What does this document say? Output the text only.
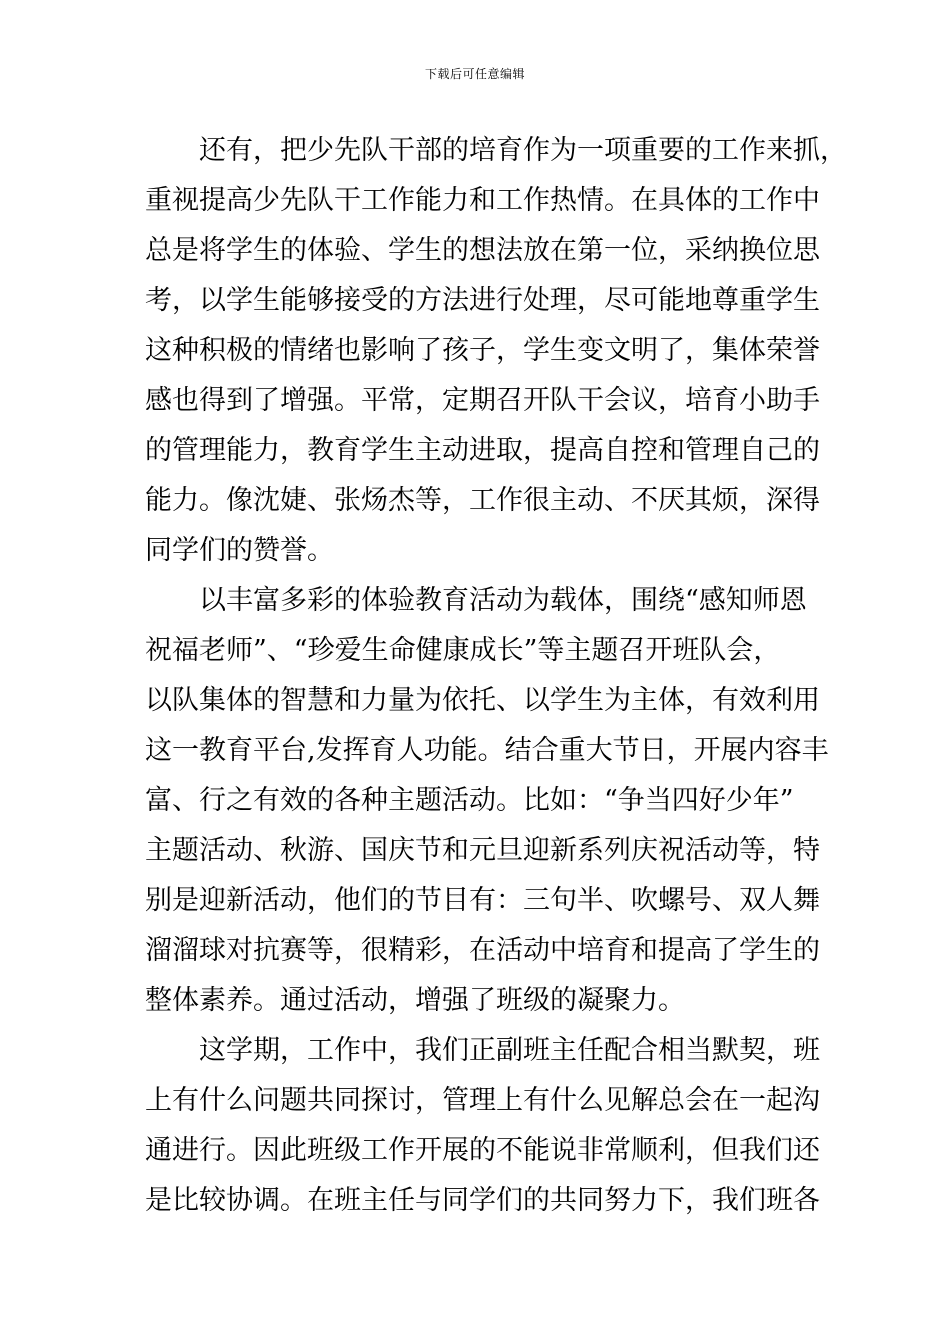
下载后可任意编辑
还有，把少先队干部的培育作为一项重要的工作来抓，
重视提高少先队干工作能力和工作热情。在具体的工作中
总是将学生的体验、学生的想法放在第一位，采纳换位思
考，以学生能够接受的方法进行处理，尽可能地尊重学生
这种积极的情绪也影响了孩子，学生变文明了，集体荣誉
感也得到了增强。平常，定期召开队干会议，培育小助手
的管理能力，教育学生主动进取，提高自控和管理自己的
能力。像沈婕、张炀杰等，工作很主动、不厌其烦，深得
同学们的赞誉。
以丰富多彩的体验教育活动为载体，围绕“感知师恩
祝福老师”、“珍爱生命健康成长”等主题召开班队会，
以队集体的智慧和力量为依托、以学生为主体，有效利用
这一教育平台,发挥育人功能。结合重大节日，开展内容丰
富、行之有效的各种主题活动。比如：“争当四好少年”
主题活动、秋游、国庆节和元旦迎新系列庆祝活动等，特
别是迎新活动，他们的节目有：三句半、吹螺号、双人舞
溜溜球对抗赛等，很精彩，在活动中培育和提高了学生的
整体素养。通过活动，增强了班级的凝聚力。
这学期，工作中，我们正副班主任配合相当默契，班
上有什么问题共同探讨，管理上有什么见解总会在一起沟
通进行。因此班级工作开展的不能说非常顺利，但我们还
是比较协调。在班主任与同学们的共同努力下，我们班各
